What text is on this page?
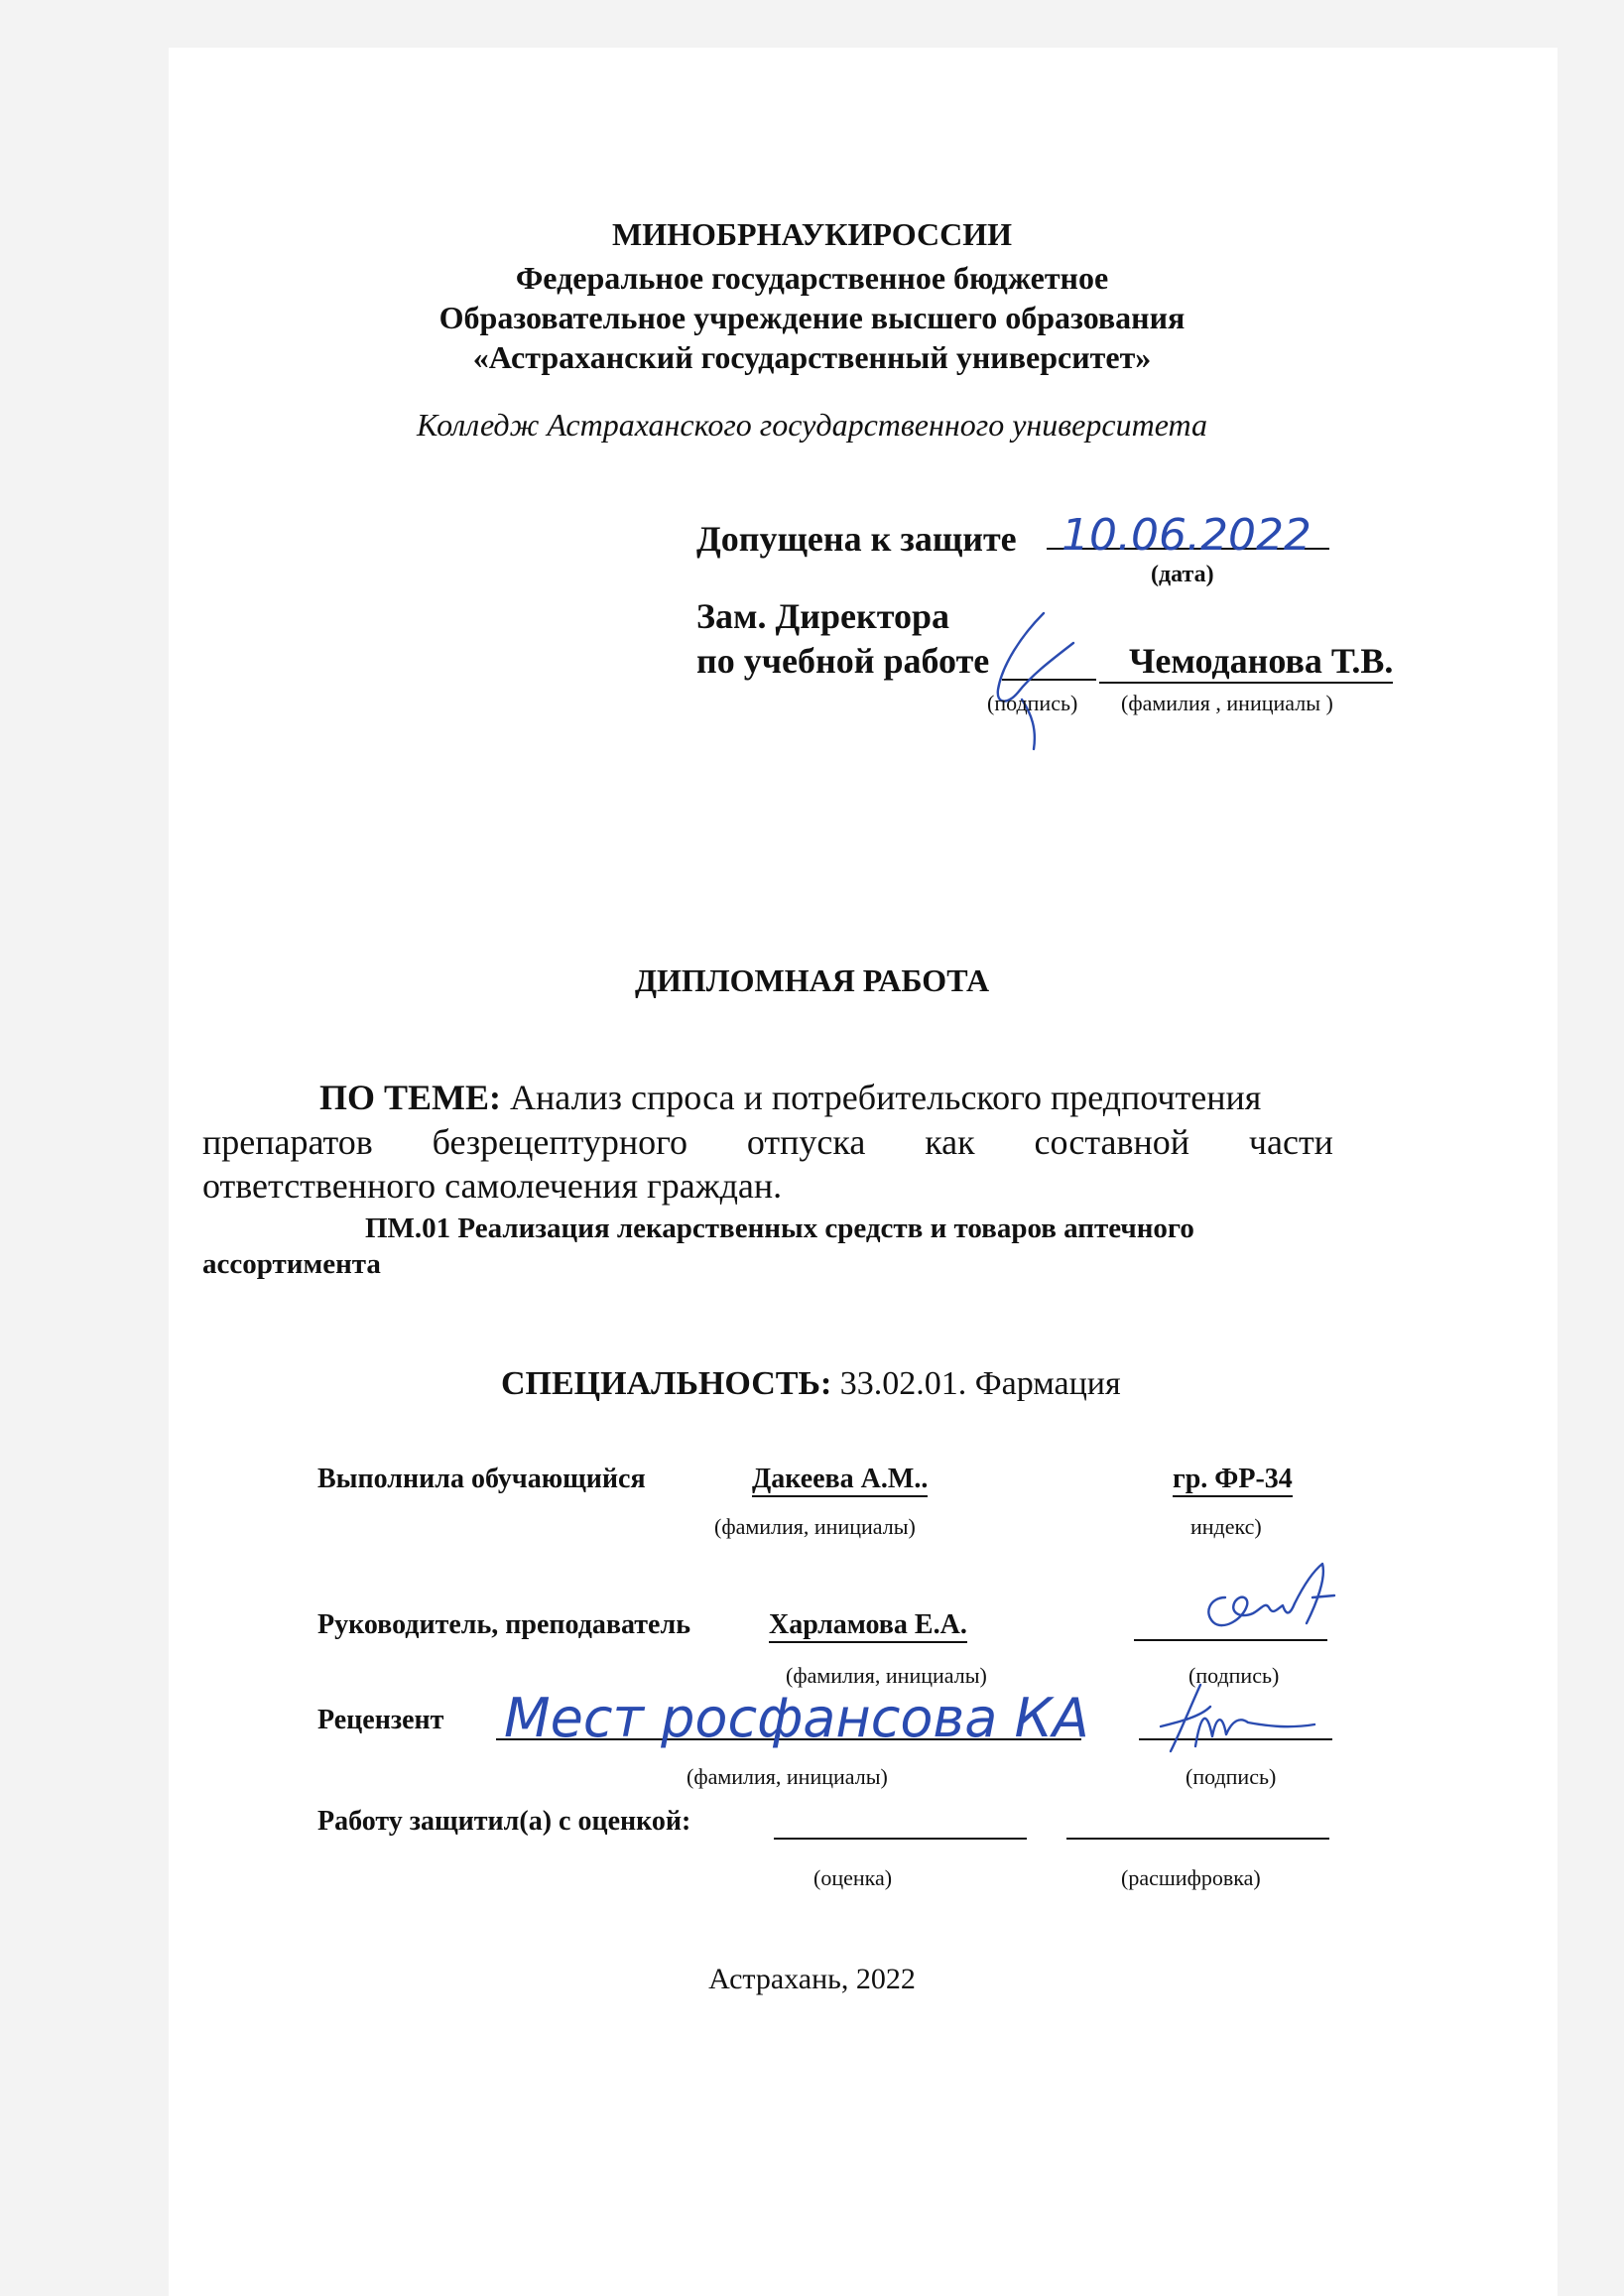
МИНОБРНАУКИРОССИИ
Федеральное государственное бюджетное
Образовательное учреждение высшего образования
«Астраханский государственный университет»
Колледж Астраханского государственного университета
Допущена к защите 10.06.2022
(дата)
Зам. Директора
по учебной работе	Чемоданова Т.В.
(подпись) (фамилия , инициалы )
ДИПЛОМНАЯ РАБОТА
ПО ТЕМЕ: Анализ спроса и потребительского предпочтения
препаратов безрецептурного отпуска как составной части
ответственного самолечения граждан.
ПМ.01 Реализация лекарственных средств и товаров аптечного
ассортимента
СПЕЦИАЛЬНОСТЬ: 33.02.01. Фармация
Выполнила обучающийся	Дакеева А.М..	гр. ФР-34
(фамилия, инициалы)	индекс)
Руководитель, преподаватель	Харламова Е.А.
(фамилия, инициалы)	(подпись)
Рецензент Мест росфансова КА
(фамилия, инициалы)	(подпись)
Работу защитил(а) с оценкой:
(оценка)	(расшифровка)
Астрахань, 2022
